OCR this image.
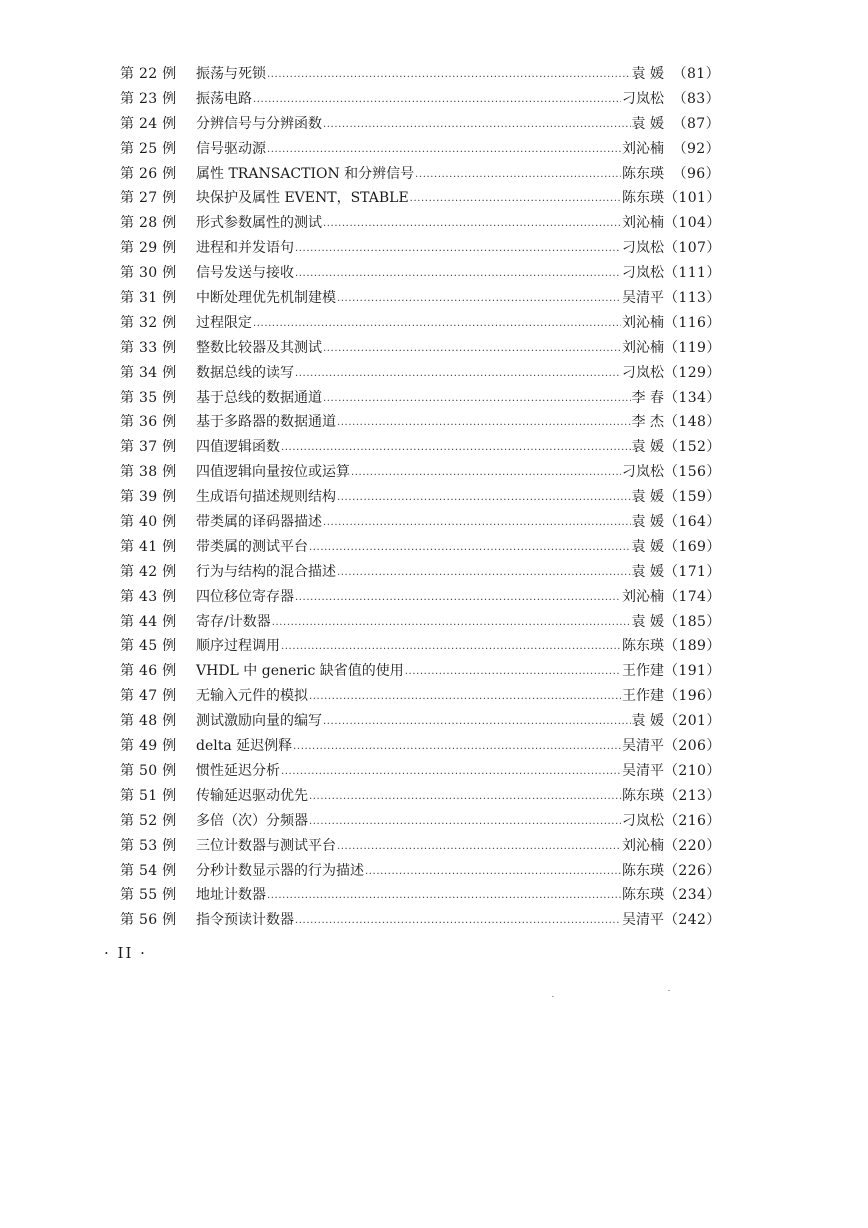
第 22 例	振荡与死锁 .....	袁 媛 （81）
第 23 例	振荡电路 .....	刁岚松 （83）
第 24 例	分辨信号与分辨函数 .....	袁 媛 （87）
第 25 例	信号驱动源 .....	刘沁楠 （92）
第 26 例	属性 TRANSACTION 和分辨信号 .....	陈东瑛 （96）
第 27 例	块保护及属性 EVENT，STABLE .....	陈东瑛 （101）
第 28 例	形式参数属性的测试 .....	刘沁楠 （104）
第 29 例	进程和并发语句 .....	刁岚松 （107）
第 30 例	信号发送与接收 .....	刁岚松 （111）
第 31 例	中断处理优先机制建模 .....	吴清平 （113）
第 32 例	过程限定 .....	刘沁楠 （116）
第 33 例	整数比较器及其测试 .....	刘沁楠 （119）
第 34 例	数据总线的读写 .....	刁岚松 （129）
第 35 例	基于总线的数据通道 .....	李 春 （134）
第 36 例	基于多路器的数据通道 .....	李 杰 （148）
第 37 例	四值逻辑函数 .....	袁 媛 （152）
第 38 例	四值逻辑向量按位或运算 .....	刁岚松 （156）
第 39 例	生成语句描述规则结构 .....	袁 媛 （159）
第 40 例	带类属的译码器描述 .....	袁 媛 （164）
第 41 例	带类属的测试平台 .....	袁 媛 （169）
第 42 例	行为与结构的混合描述 .....	袁 媛 （171）
第 43 例	四位移位寄存器 .....	刘沁楠 （174）
第 44 例	寄存/计数器 .....	袁 媛 （185）
第 45 例	顺序过程调用 .....	陈东瑛 （189）
第 46 例	VHDL 中 generic 缺省值的使用 .....	王作建 （191）
第 47 例	无输入元件的模拟 .....	王作建 （196）
第 48 例	测试激励向量的编写 .....	袁 媛 （201）
第 49 例	delta 延迟例释 .....	吴清平 （206）
第 50 例	惯性延迟分析 .....	吴清平 （210）
第 51 例	传输延迟驱动优先 .....	陈东瑛 （213）
第 52 例	多倍（次）分频器 .....	刁岚松 （216）
第 53 例	三位计数器与测试平台 .....	刘沁楠 （220）
第 54 例	分秒计数显示器的行为描述 .....	陈东瑛 （226）
第 55 例	地址计数器 .....	陈东瑛 （234）
第 56 例	指令预读计数器 .....	吴清平 （242）
· II ·
